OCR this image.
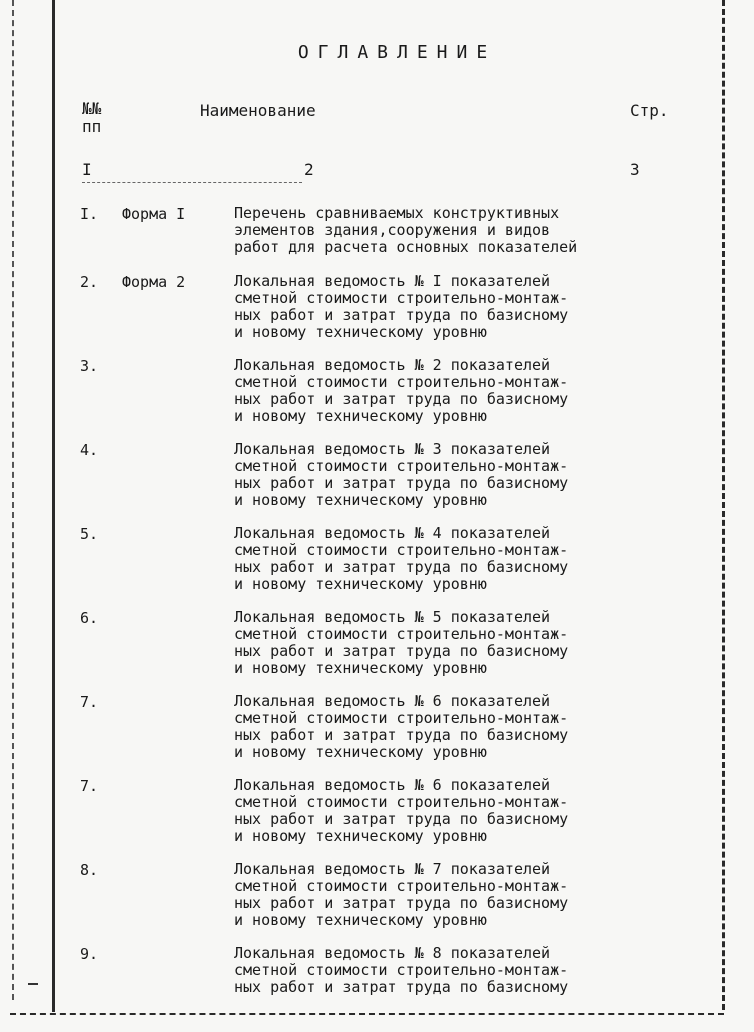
ОГЛАВЛЕНИЕ
№№
пп
Наименование	Стр.
I	2	3
I. Форма I	Перечень сравниваемых конструктивных
элементов здания,сооружения и видов
работ для расчета основных показателей
2. Форма 2	Локальная ведомость № I показателей
сметной стоимости строительно-монтаж-
ных работ и затрат труда по базисному
и новому техническому уровню
3.	Локальная ведомость № 2 показателей
сметной стоимости строительно-монтаж-
ных работ и затрат труда по базисному
и новому техническому уровню
4.	Локальная ведомость № 3 показателей
сметной стоимости строительно-монтаж-
ных работ и затрат труда по базисному
и новому техническому уровню
5.	Локальная ведомость № 4 показателей
сметной стоимости строительно-монтаж-
ных работ и затрат труда по базисному
и новому техническому уровню
6.	Локальная ведомость № 5 показателей
сметной стоимости строительно-монтаж-
ных работ и затрат труда по базисному
и новому техническому уровню
7.	Локальная ведомость № 6 показателей
сметной стоимости строительно-монтаж-
ных работ и затрат труда по базисному
и новому техническому уровню
7.	Локальная ведомость № 6 показателей
сметной стоимости строительно-монтаж-
ных работ и затрат труда по базисному
и новому техническому уровню
8.	Локальная ведомость № 7 показателей
сметной стоимости строительно-монтаж-
ных работ и затрат труда по базисному
и новому техническому уровню
9.	Локальная ведомость № 8 показателей
сметной стоимости строительно-монтаж-
ных работ и затрат труда по базисному
